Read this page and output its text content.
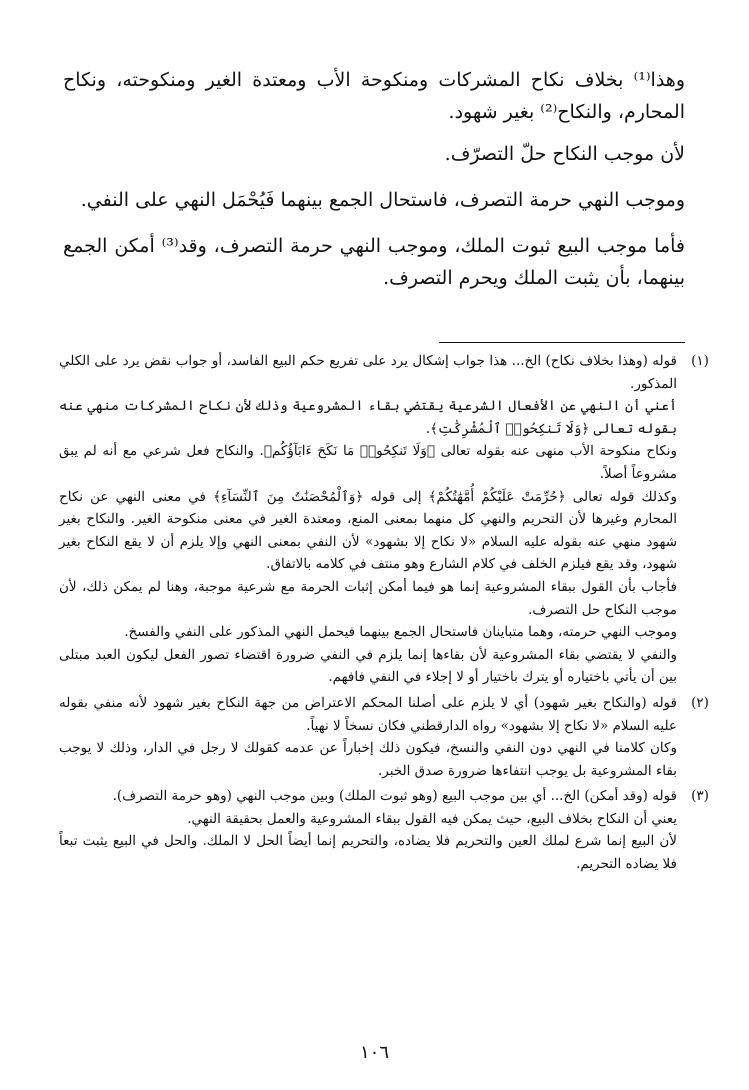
وهذا⁽¹⁾ بخلاف نكاح المشركات ومنكوحة الأب ومعتدة الغير ومنكوحته، ونكاح المحارم، والنكاح⁽²⁾ بغير شهود.

لأن موجب النكاح حلّ التصرّف.

وموجب النهي حرمة التصرف، فاستحال الجمع بينهما فَيُحْمَل النهي على النفي.

فأما موجب البيع ثبوت الملك، وموجب النهي حرمة التصرف، وقد⁽³⁾ أمكن الجمع بينهما، بأن يثبت الملك ويحرم التصرف.

(١)
قوله (وهذا بخلاف نكاح) الخ... هذا جواب إشكال يرد على تفريع حكم البيع الفاسد، أو جواب نقض يرد على الكلي المذكور.
أعني أن النهي عن الأفعال الشرعية يقتضي بقاء المشروعية وذلك لأن نكاح المشركات منهي عنه بقوله تعالى ﴿وَلَا تَنكِحُوا۟ ٱلْمُشْرِكَٰتِ﴾.
ونكاح منكوحة الأب منهى عنه بقوله تعالى ﴿وَلَا تَنكِحُوا۟ مَا نَكَحَ ءَابَآؤُكُم﴾. والنكاح فعل شرعي مع أنه لم يبق مشروعاً أصلاً.
وكذلك قوله تعالى ﴿حُرِّمَتْ عَلَيْكُمْ أُمَّهَٰتُكُمْ﴾ إلى قوله ﴿وَٱلْمُحْصَنَٰتُ مِنَ ٱلنِّسَآءِ﴾ في معنى النهي عن نكاح المحارم وغيرها لأن التحريم والنهي كل منهما بمعنى المنع، ومعتدة الغير في معنى منكوحة الغير. والنكاح بغير شهود منهي عنه بقوله عليه السلام «لا نكاح إلا بشهود» لأن النفي بمعنى النهي وإلا يلزم أن لا يقع النكاح بغير شهود، وقد يقع فيلزم الخلف في كلام الشارع وهو منتف في كلامه بالاتفاق.
فأجاب بأن القول ببقاء المشروعية إنما هو فيما أمكن إثبات الحرمة مع شرعية موجبة، وهنا لم يمكن ذلك، لأن موجب النكاح حل التصرف.
وموجب النهي حرمته، وهما متباينان فاستحال الجمع بينهما فيحمل النهي المذكور على النفي والفسخ.
والنفي لا يقتضي بقاء المشروعية لأن بقاءها إنما يلزم في النفي ضرورة اقتضاء تصور الفعل ليكون العبد مبتلى بين أن يأتي باختياره أو يترك باختيار أو لا إجلاء في النفي فافهم.
(٢)
قوله (والنكاح بغير شهود) أي لا يلزم على أصلنا المحكم الاعتراض من جهة النكاح بغير شهود لأنه منفي بقوله عليه السلام «لا نكاح إلا بشهود» رواه الدارقطني فكان نسخاً لا نهياً.
وكان كلامنا في النهي دون النفي والنسخ، فيكون ذلك إخباراً عن عدمه كقولك لا رجل في الدار، وذلك لا يوجب بقاء المشروعية بل يوجب انتفاءها ضرورة صدق الخبر.
(٣)
قوله (وقد أمكن) الخ... أي بين موجب البيع (وهو ثبوت الملك) وبين موجب النهي (وهو حرمة التصرف).
يعني أن النكاح بخلاف البيع، حيث يمكن فيه القول ببقاء المشروعية والعمل بحقيقة النهي.
لأن البيع إنما شرع لملك العين والتحريم فلا يضاده، والتحريم إنما أيضاً الحل لا الملك. والحل في البيع يثبت تبعاً فلا يضاده التحريم.
١٠٦
